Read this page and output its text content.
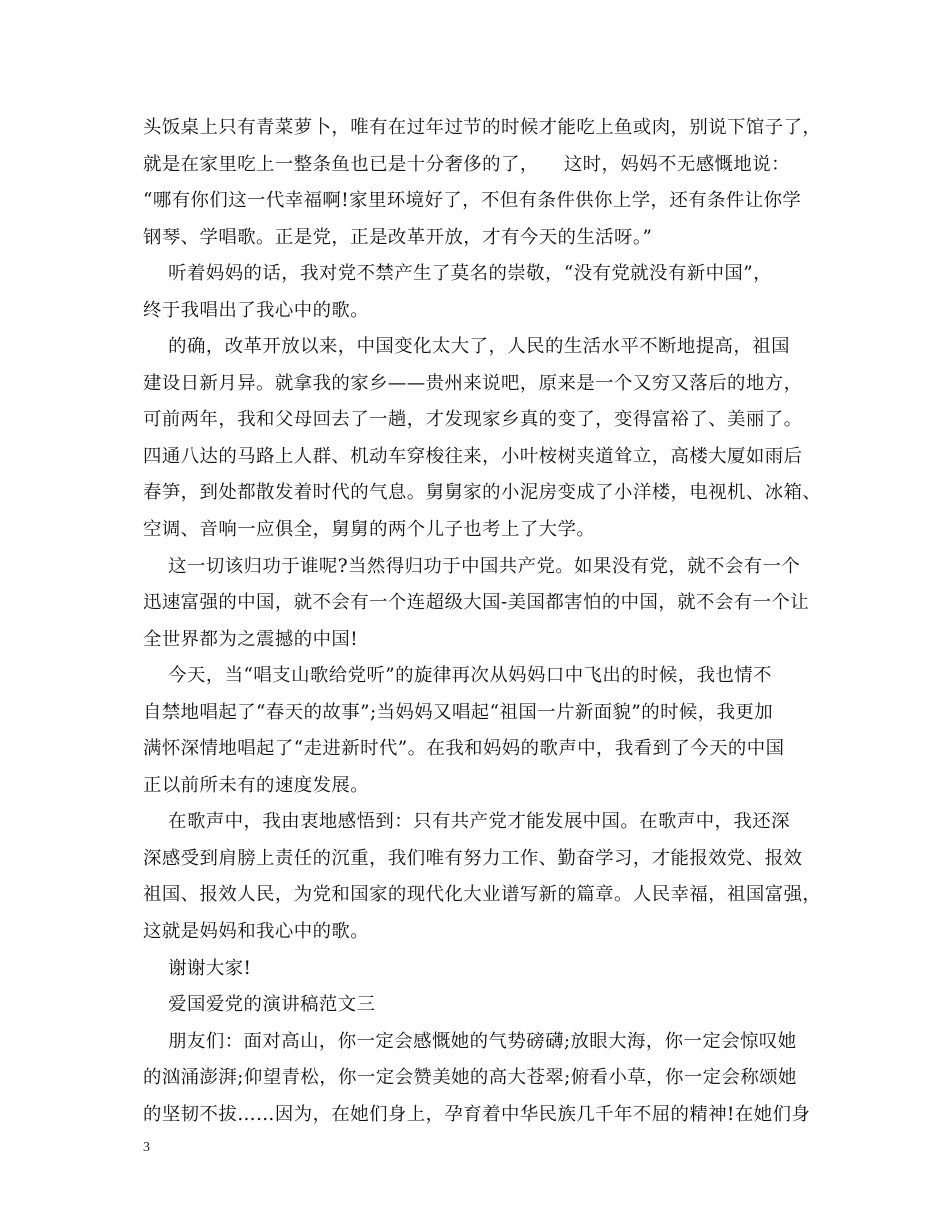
头饭桌上只有青菜萝卜，唯有在过年过节的时候才能吃上鱼或肉，别说下馆子了，
就是在家里吃上一整条鱼也已是十分奢侈的了，    这时，妈妈不无感慨地说：
“哪有你们这一代幸福啊!家里环境好了，不但有条件供你上学，还有条件让你学
钢琴、学唱歌。正是党，正是改革开放，才有今天的生活呀。”
听着妈妈的话，我对党不禁产生了莫名的崇敬，“没有党就没有新中国”，
终于我唱出了我心中的歌。
的确，改革开放以来，中国变化太大了，人民的生活水平不断地提高，祖国
建设日新月异。就拿我的家乡——贵州来说吧，原来是一个又穷又落后的地方，
可前两年，我和父母回去了一趟，才发现家乡真的变了，变得富裕了、美丽了。
四通八达的马路上人群、机动车穿梭往来，小叶桉树夹道耸立，高楼大厦如雨后
春笋，到处都散发着时代的气息。舅舅家的小泥房变成了小洋楼，电视机、冰箱、
空调、音响一应俱全，舅舅的两个儿子也考上了大学。
这一切该归功于谁呢?当然得归功于中国共产党。如果没有党，就不会有一个
迅速富强的中国，就不会有一个连超级大国-美国都害怕的中国，就不会有一个让
全世界都为之震撼的中国!
今天，当“唱支山歌给党听”的旋律再次从妈妈口中飞出的时候，我也情不
自禁地唱起了“春天的故事”;当妈妈又唱起“祖国一片新面貌”的时候，我更加
满怀深情地唱起了“走进新时代”。在我和妈妈的歌声中，我看到了今天的中国
正以前所未有的速度发展。
在歌声中，我由衷地感悟到：只有共产党才能发展中国。在歌声中，我还深
深感受到肩膀上责任的沉重，我们唯有努力工作、勤奋学习，才能报效党、报效
祖国、报效人民，为党和国家的现代化大业谱写新的篇章。人民幸福，祖国富强，
这就是妈妈和我心中的歌。
谢谢大家!
爱国爱党的演讲稿范文三
朋友们：面对高山，你一定会感慨她的气势磅礴;放眼大海，你一定会惊叹她
的汹涌澎湃;仰望青松，你一定会赞美她的高大苍翠;俯看小草，你一定会称颂她
的坚韧不拔……因为，在她们身上，孕育着中华民族几千年不屈的精神!在她们身
3
